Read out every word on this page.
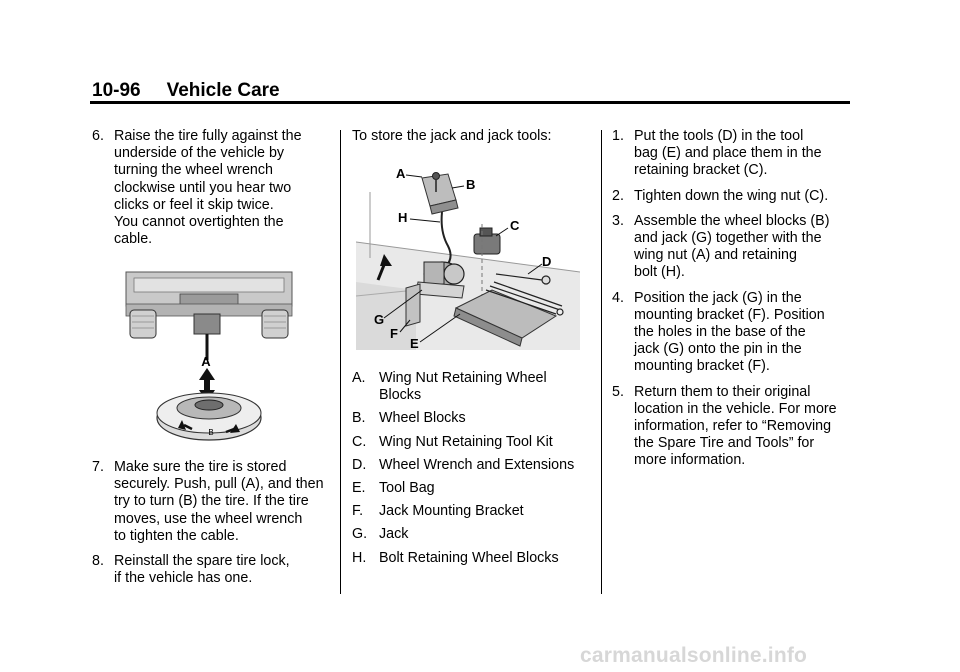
10-96 Vehicle Care
6. Raise the tire fully against the
underside of the vehicle by
turning the wheel wrench
clockwise until you hear two
clicks or feel it skip twice.
You cannot overtighten the
cable.
A
B
7. Make sure the tire is stored
securely. Push, pull (A), and then
try to turn (B) the tire. If the tire
moves, use the wheel wrench
to tighten the cable.
8. Reinstall the spare tire lock,
if the vehicle has one.
To store the jack and jack tools:
A
B
H
C
D
G
F
E
A. Wing Nut Retaining Wheel
Blocks
B. Wheel Blocks
C. Wing Nut Retaining Tool Kit
D. Wheel Wrench and Extensions
E. Tool Bag
F. Jack Mounting Bracket
G. Jack
H. Bolt Retaining Wheel Blocks
1. Put the tools (D) in the tool
bag (E) and place them in the
retaining bracket (C).
2. Tighten down the wing nut (C).
3. Assemble the wheel blocks (B)
and jack (G) together with the
wing nut (A) and retaining
bolt (H).
4. Position the jack (G) in the
mounting bracket (F). Position
the holes in the base of the
jack (G) onto the pin in the
mounting bracket (F).
5. Return them to their original
location in the vehicle. For more
information, refer to “Removing
the Spare Tire and Tools” for
more information.
carmanualsonline.info
